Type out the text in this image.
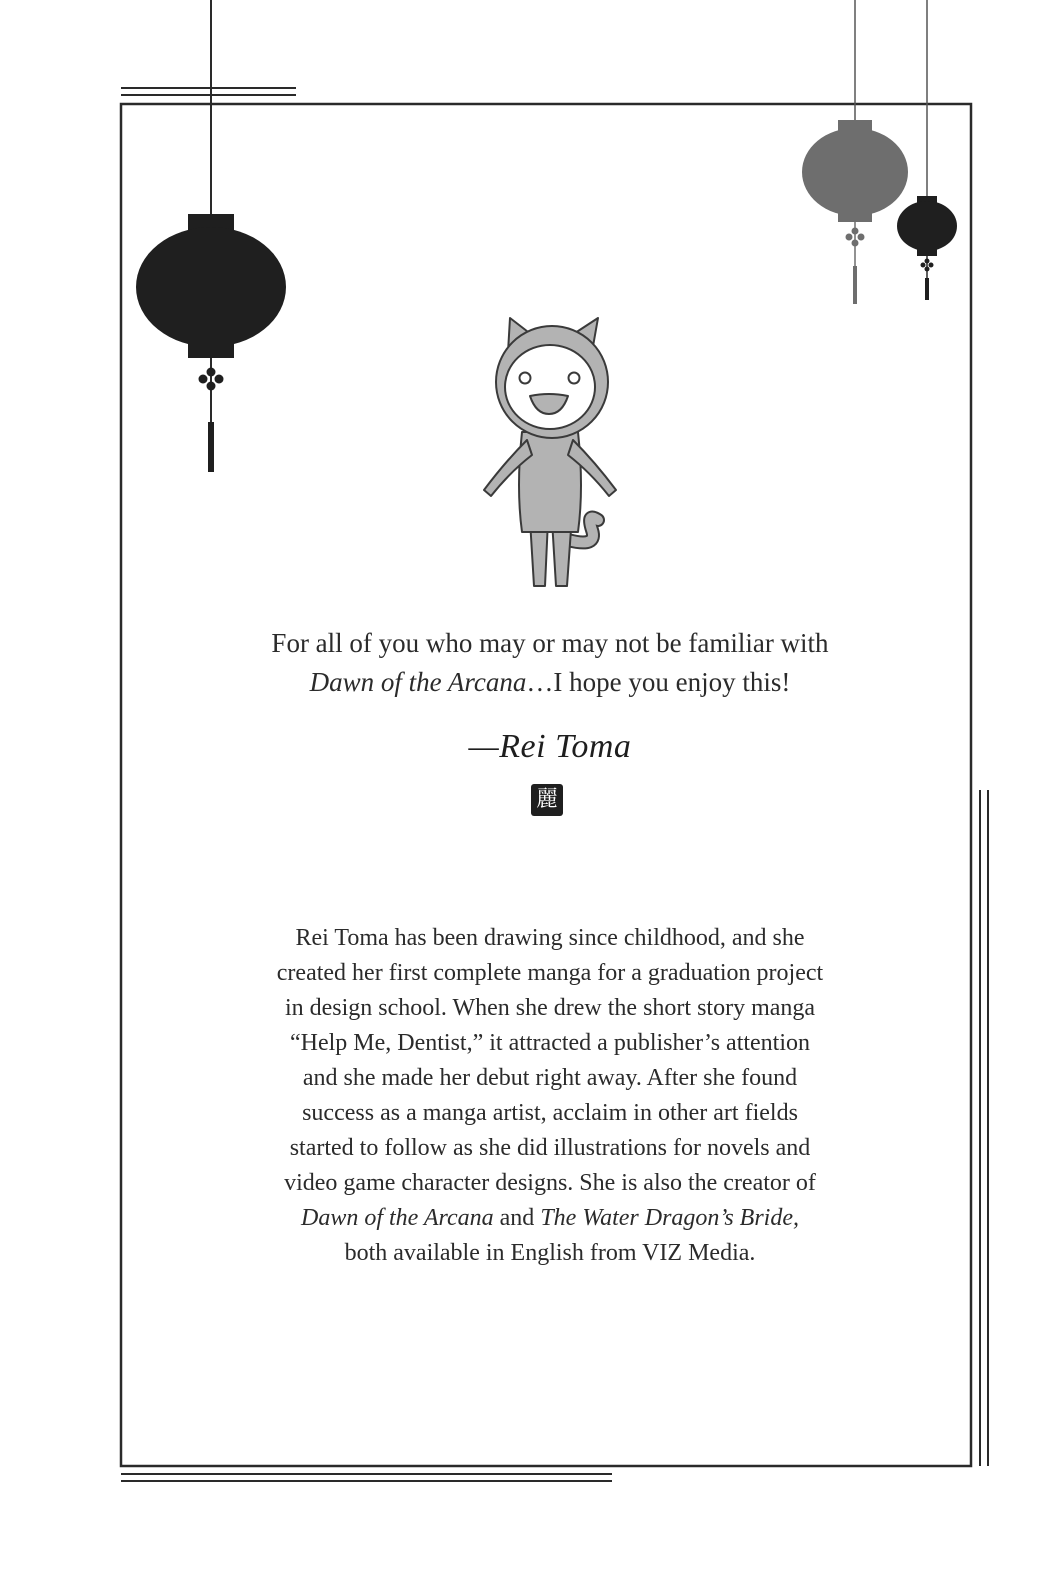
For all of you who may or may not be familiar with
Dawn of the Arcana…I hope you enjoy this!
—Rei Toma
麗
Rei Toma has been drawing since childhood, and she
created her first complete manga for a graduation project
in design school. When she drew the short story manga
“Help Me, Dentist,” it attracted a publisher’s attention
and she made her debut right away. After she found
success as a manga artist, acclaim in other art fields
started to follow as she did illustrations for novels and
video game character designs. She is also the creator of
Dawn of the Arcana and The Water Dragon’s Bride,
both available in English from VIZ Media.
